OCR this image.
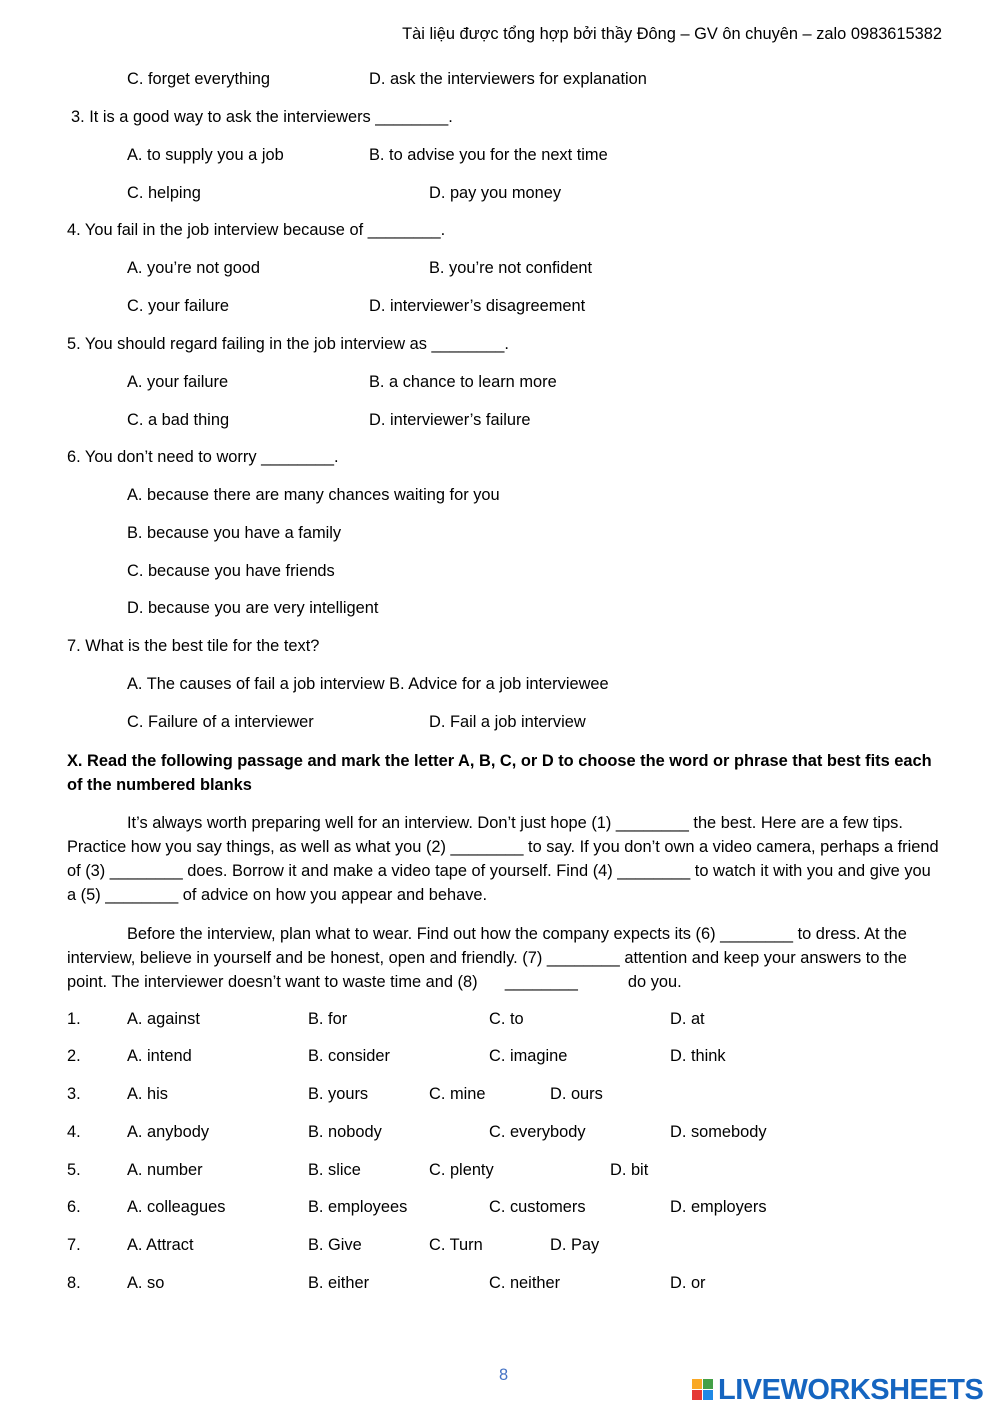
Tài liệu được tổng hợp bởi thầy Đông – GV ôn chuyên – zalo 0983615382
C. forget everything	D. ask the interviewers for explanation
3. It is a good way to ask the interviewers ________.
A. to supply you a job	B. to advise you for the next time
C. helping	D. pay you money
4. You fail in the job interview because of ________.
A. you’re not good	B. you’re not confident
C. your failure	D. interviewer’s disagreement
5. You should regard failing in the job interview as ________.
A. your failure	B. a chance to learn more
C. a bad thing	D. interviewer’s failure
6. You don’t need to worry ________.
A. because there are many chances waiting for you
B. because you have a family
C. because you have friends
D. because you are very intelligent
7. What is the best tile for the text?
A. The causes of fail a job interview B. Advice for a job interviewee
C. Failure of a interviewer	D. Fail a job interview
X. Read the following passage and mark the letter A, B, C, or D to choose the word or phrase that best fits each of the numbered blanks
It’s always worth preparing well for an interview. Don’t just hope (1) ________ the best. Here are a few tips. Practice how you say things, as well as what you (2) ________ to say. If you don’t own a video camera, perhaps a friend of (3) ________ does. Borrow it and make a video tape of yourself. Find (4) ________ to watch it with you and give you a (5) ________ of advice on how you appear and behave.
Before the interview, plan what to wear. Find out how the company expects its (6) ________ to dress. At the interview, believe in yourself and be honest, open and friendly. (7) ________ attention and keep your answers to the point. The interviewer doesn’t want to waste time and (8)      ________           do you.
1.	A. against	B. for	C. to	D. at
2.	A. intend	B. consider	C. imagine	D. think
3.	A. his	B. yours	C. mine	D. ours
4.	A. anybody	B. nobody	C. everybody	D. somebody
5.	A. number	B. slice	C. plenty	D. bit
6.	A. colleagues	B. employees	C. customers	D. employers
7.	A. Attract	B. Give	C. Turn	D. Pay
8.	A. so	B. either	C. neither	D. or
8	LIVEWORKSHEETS
